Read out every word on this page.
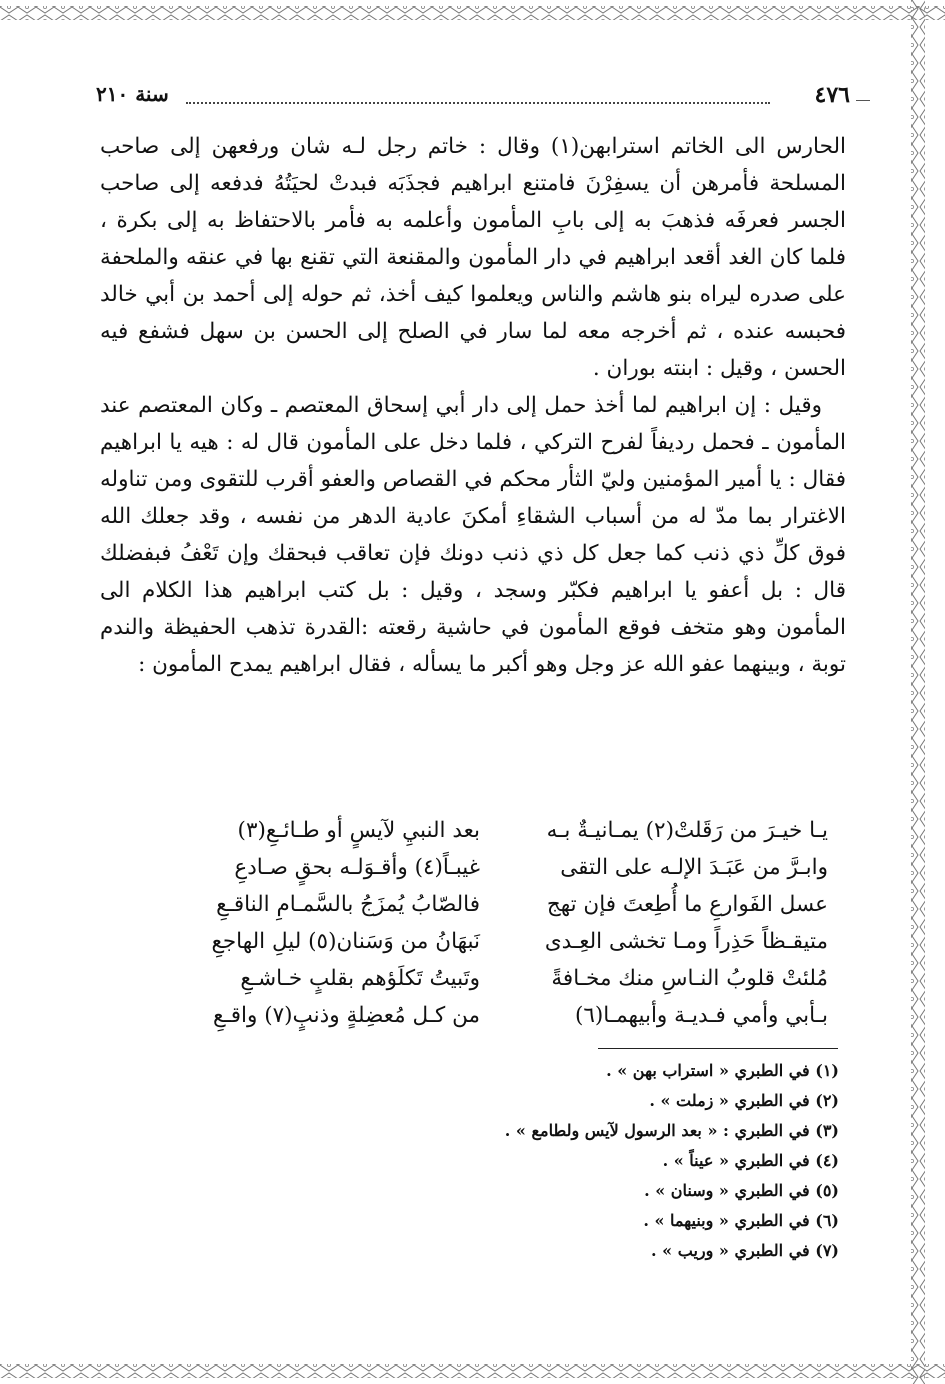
٤٧٦
سنة ٢١٠

الحارس الى الخاتم استرابهن(١) وقال : خاتم رجل لـه شان ورفعهن إلى صاحب المسلحة فأمرهن أن يسفِرْنَ فامتنع ابراهيم فجذَبَه فبدتْ لحيَتُهُ فدفعه إلى صاحب الجسر فعرفَه فذهبَ به إلى بابِ المأمون وأعلمه به فأمر بالاحتفاظ به إلى بكرة ، فلما كان الغد أقعد ابراهيم في دار المأمون والمقنعة التي تقنع بها في عنقه والملحفة على صدره ليراه بنو هاشم والناس ويعلموا كيف أخذ، ثم حوله إلى أحمد بن أبي خالد فحبسه عنده ، ثم أخرجه معه لما سار في الصلح إلى الحسن بن سهل فشفع فيه الحسن ، وقيل : ابنته بوران .

وقيل : إن ابراهيم لما أخذ حمل إلى دار أبي إسحاق المعتصم ـ وكان المعتصم عند المأمون ـ فحمل رديفاً لفرح التركي ، فلما دخل على المأمون قال له : هيه يا ابراهيم فقال : يا أمير المؤمنين وليّ الثأر محكم في القصاص والعفو أقرب للتقوى ومن تناوله الاغترار بما مدّ له من أسباب الشقاءِ أمكنَ عادية الدهر من نفسه ، وقد جعلك الله فوق كلِّ ذي ذنب كما جعل كل ذي ذنب دونك فإن تعاقب فبحقك وإن تَعْفُ فبفضلك قال : بل أعفو يا ابراهيم فكبّر وسجد ، وقيل : بل كتب ابراهيم هذا الكلام الى المأمون وهو متخف فوقع المأمون في حاشية رقعته :القدرة تذهب الحفيظة والندم توبة ، وبينهما عفو الله عز وجل وهو أكبر ما يسأله ، فقال ابراهيم يمدح المأمون :

يـا خيـرَ من رَقَلتْ(٢) يمـانيـةٌ بـه
بعد النبيِ لآيسٍ أو طـائـعِ(٣)
وابـرَّ من عَبَـدَ الإلـه على التقى
غيبـاً(٤) وأقـوَلـه بحقٍ صـادعِ
عسل الفَوارعِ ما أُطِعتَ فإن تهج
فالصّابُ يُمزَجُ بالسَّمـامِ الناقـعِ
متيقـظاً حَذِراً ومـا تخشى العِـدى
نَبهَانُ من وَسَنان(٥) ليلِ الهاجعِ
مُلئتْ قلوبُ النـاسِ منك مخـافةً
وتَبيتُ تَكلَؤهم بقلبٍ خـاشـعِ
بـأبي وأمي فـديـة وأبيهمـا(٦)
من كـل مُعضِلةٍ وذنبٍ(٧) واقـعِ
(١) في الطبري « استراب بهن » .
(٢) في الطبري « زملت » .
(٣) في الطبري : « بعد الرسول لآيس ولطامع » .
(٤) في الطبري « عيناً » .
(٥) في الطبري « وسنان » .
(٦) في الطبري « وبنيهما » .
(٧) في الطبري « وريب » .
